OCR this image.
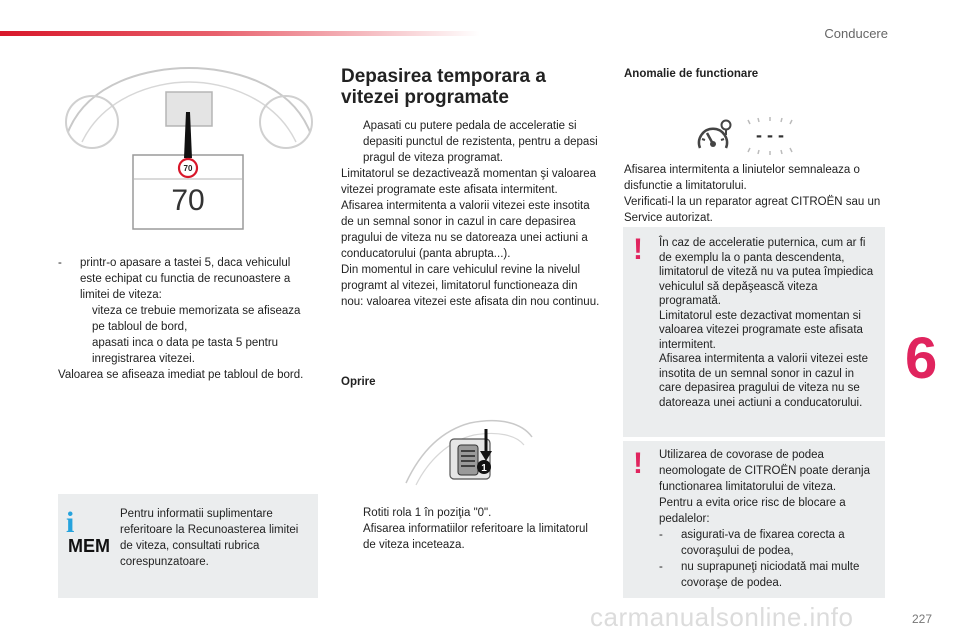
Conducere
6
227
carmanualsonline.info
70
70
-	printr-o apasare a tastei 5, daca vehiculul este echipat cu functia de recunoastere a limitei de viteza:
viteza ce trebuie memorizata se afiseaza pe tabloul de bord,
apasati inca o data pe tasta 5 pentru inregistrarea vitezei.
Valoarea se afiseaza imediat pe tabloul de bord.
i
MEM
Pentru informatii suplimentare referitoare la Recunoasterea limitei de viteza, consultati rubrica corespunzatoare.
Depasirea temporara a vitezei programate
Apasati cu putere pedala de acceleratie si depasiti punctul de rezistenta, pentru a depasi pragul de viteza programat.
Limitatorul se dezactiveazǎ momentan şi valoarea vitezei programate este afisata intermitent.
Afisarea intermitenta a valorii vitezei este insotita de un semnal sonor in cazul in care depasirea pragului de viteza nu se datoreaza unei actiuni a conducatorului (panta abrupta...).
Din momentul in care vehiculul revine la nivelul programt al vitezei, limitatorul functioneaza din nou: valoarea vitezei este afisata din nou continuu.
Oprire
1
Rotiti rola 1 în poziţia "0".
Afisarea informatiilor referitoare la limitatorul de viteza inceteaza.
Anomalie de functionare
- - -
Afisarea intermitenta a liniutelor semnaleaza o disfunctie a limitatorului.
Verificati-l la un reparator agreat CITROËN sau un Service autorizat.
! În caz de acceleratie puternica, cum ar fi de exemplu la o panta descendenta, limitatorul de vitezǎ nu va putea împiedica vehiculul sǎ depǎşeascǎ viteza programatǎ.
Limitatorul este dezactivat momentan si valoarea vitezei programate este afisata intermitent.
Afisarea intermitenta a valorii vitezei este insotita de un semnal sonor in cazul in care depasirea pragului de viteza nu se datoreaza unei actiuni a conducatorului.
! Utilizarea de covorase de podea neomologate de CITROËN poate deranja functionarea limitatorului de viteza.
Pentru a evita orice risc de blocare a pedalelor:
-	asigurati-va de fixarea corecta a covoraşului de podea,
-	nu suprapuneţi niciodatǎ mai multe covoraşe de podea.
